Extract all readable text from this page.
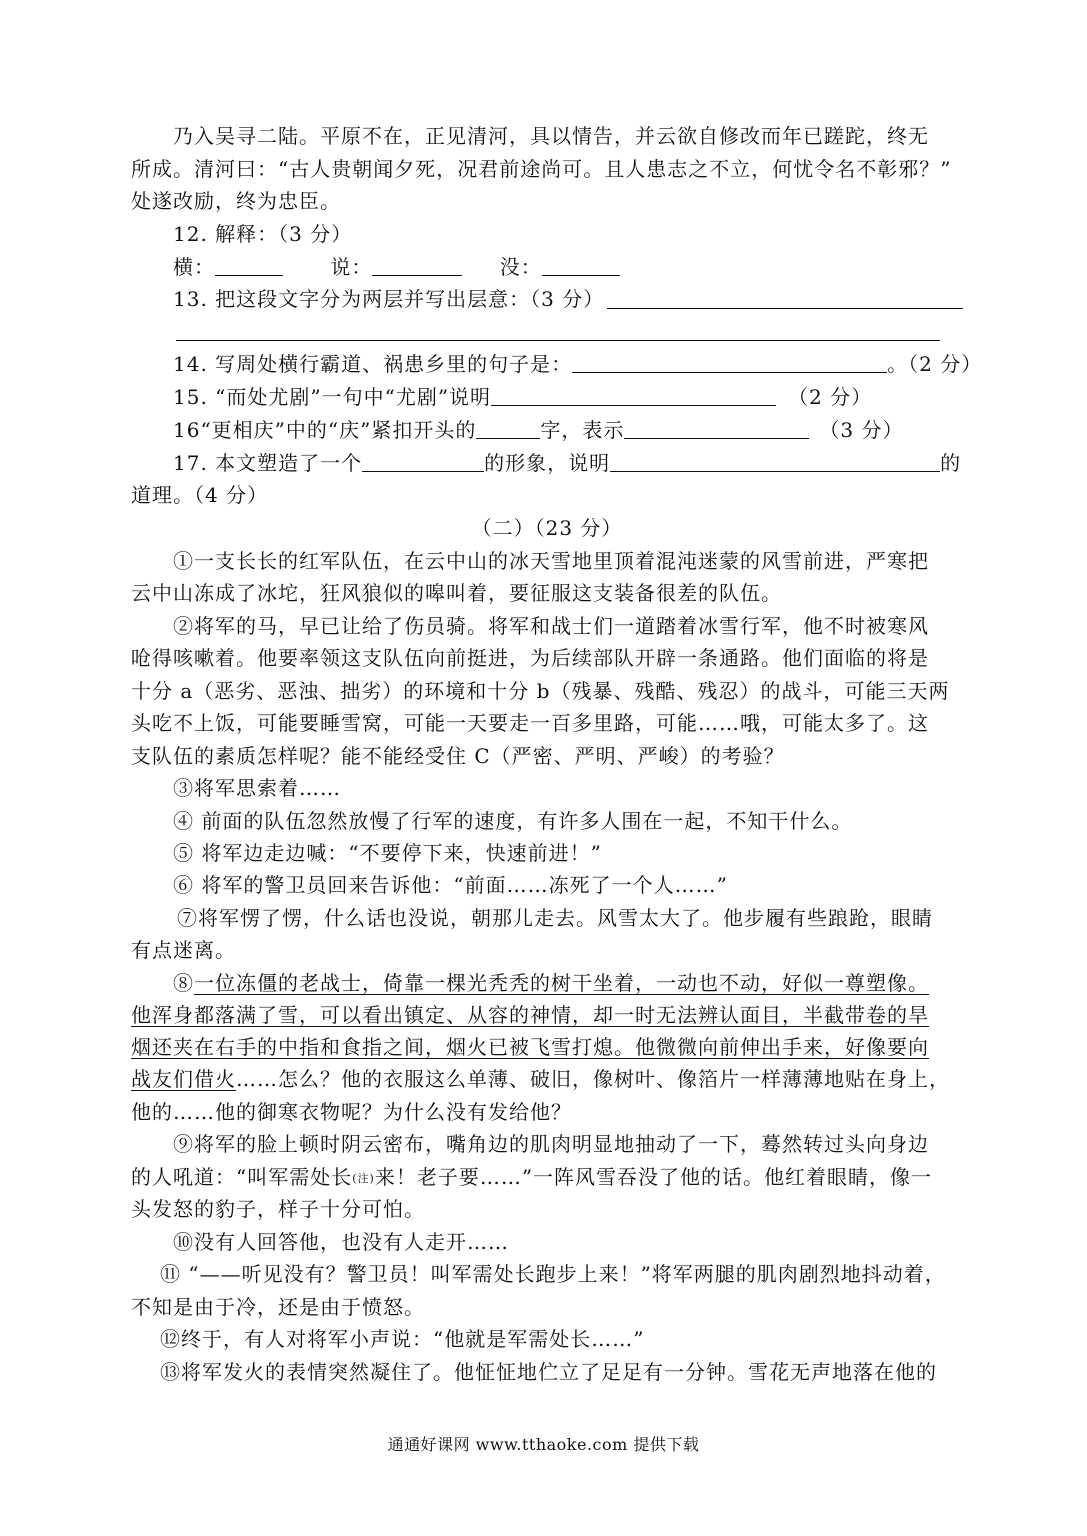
乃入吴寻二陆。平原不在，正见清河，具以情告，并云欲自修改而年已蹉跎，终无
所成。清河曰：“古人贵朝闻夕死，况君前途尚可。且人患志之不立，何忧令名不彰邪？”
处遂改励，终为忠臣。
12. 解释：（3 分）
横：	说：	没：
13. 把这段文字分为两层并写出层意：（3 分）
14. 写周处横行霸道、祸患乡里的句子是：	。（2 分）
15. “而处尤剧”一句中“尤剧”说明	（2 分）
16“更相庆”中的“庆”紧扣开头的	字，表示	（3 分）
17. 本文塑造了一个	的形象，说明	的
道理。（4 分）
（二）（23 分）
①一支长长的红军队伍，在云中山的冰天雪地里顶着混沌迷蒙的风雪前进，严寒把
云中山冻成了冰坨，狂风狼似的嗥叫着，要征服这支装备很差的队伍。
②将军的马，早已让给了伤员骑。将军和战士们一道踏着冰雪行军，他不时被寒风
呛得咳嗽着。他要率领这支队伍向前挺进，为后续部队开辟一条通路。他们面临的将是
十分 a（恶劣、恶浊、拙劣）的环境和十分 b（残暴、残酷、残忍）的战斗，可能三天两
头吃不上饭，可能要睡雪窝，可能一天要走一百多里路，可能……哦，可能太多了。这
支队伍的素质怎样呢？能不能经受住 C（严密、严明、严峻）的考验？
③将军思索着……
④ 前面的队伍忽然放慢了行军的速度，有许多人围在一起，不知干什么。
⑤ 将军边走边喊：“不要停下来，快速前进！”
⑥ 将军的警卫员回来告诉他：“前面……冻死了一个人……”
⑦将军愣了愣，什么话也没说，朝那儿走去。风雪太大了。他步履有些踉跄，眼睛
有点迷离。
⑧一位冻僵的老战士，倚靠一棵光秃秃的树干坐着，一动也不动，好似一尊塑像。
他浑身都落满了雪，可以看出镇定、从容的神情，却一时无法辨认面目，半截带卷的旱
烟还夹在右手的中指和食指之间，烟火已被飞雪打熄。他微微向前伸出手来，好像要向
战友们借火……怎么？他的衣服这么单薄、破旧，像树叶、像箔片一样薄薄地贴在身上，
他的……他的御寒衣物呢？为什么没有发给他？
⑨将军的脸上顿时阴云密布，嘴角边的肌肉明显地抽动了一下，蓦然转过头向身边
的人吼道：“叫军需处长(注)来！老子要……”一阵风雪吞没了他的话。他红着眼睛，像一
头发怒的豹子，样子十分可怕。
⑩没有人回答他，也没有人走开……
⑪ “——听见没有？警卫员！叫军需处长跑步上来！”将军两腿的肌肉剧烈地抖动着，
不知是由于冷，还是由于愤怒。
⑫终于，有人对将军小声说：“他就是军需处长……”
⑬将军发火的表情突然凝住了。他怔怔地伫立了足足有一分钟。雪花无声地落在他的
通通好课网 www.tthaoke.com 提供下载
